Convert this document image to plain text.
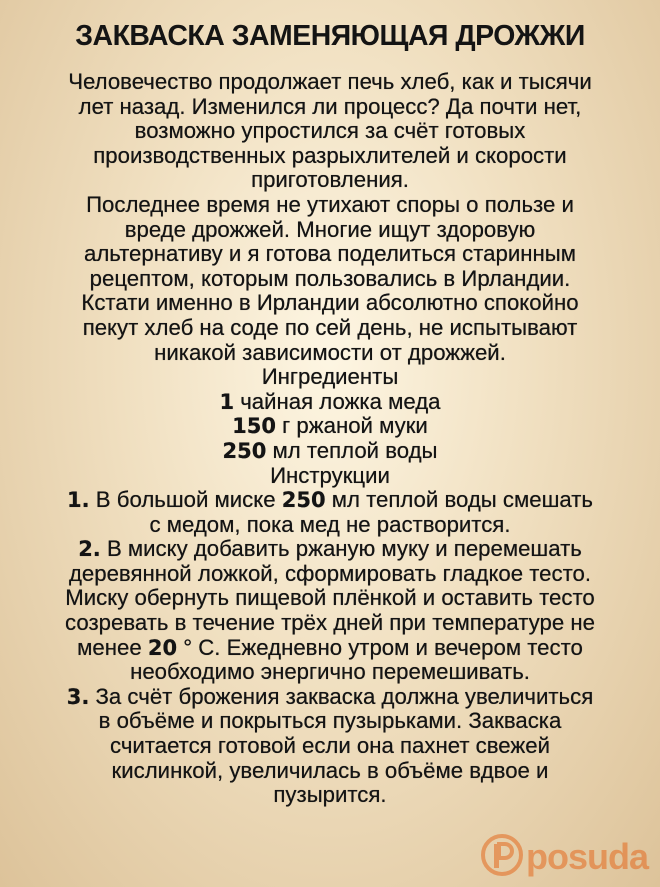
ЗАКВАСКА ЗАМЕНЯЮЩАЯ ДРОЖЖИ
Человечество продолжает печь хлеб, как и тысячи
лет назад. Изменился ли процесс? Да почти нет,
возможно упростился за счёт готовых
производственных разрыхлителей и скорости
приготовления.
Последнее время не утихают споры о пользе и
вреде дрожжей. Многие ищут здоровую
альтернативу и я готова поделиться старинным
рецептом, которым пользовались в Ирландии.
Кстати именно в Ирландии абсолютно спокойно
пекут хлеб на соде по сей день, не испытывают
никакой зависимости от дрожжей.
Ингредиенты
1 чайная ложка меда
150 г ржаной муки
250 мл теплой воды
Инструкции
1. В большой миске 250 мл теплой воды смешать
с медом, пока мед не растворится.
2. В миску добавить ржаную муку и перемешать
деревянной ложкой, сформировать гладкое тесто.
Миску обернуть пищевой плёнкой и оставить тесто
созревать в течение трёх дней при температуре не
менее 20 ° С. Ежедневно утром и вечером тесто
необходимо энергично перемешивать.
3. За счёт брожения закваска должна увеличиться
в объёме и покрыться пузырьками. Закваска
считается готовой если она пахнет свежей
кислинкой, увеличилась в объёме вдвое и
пузырится.
posuda
